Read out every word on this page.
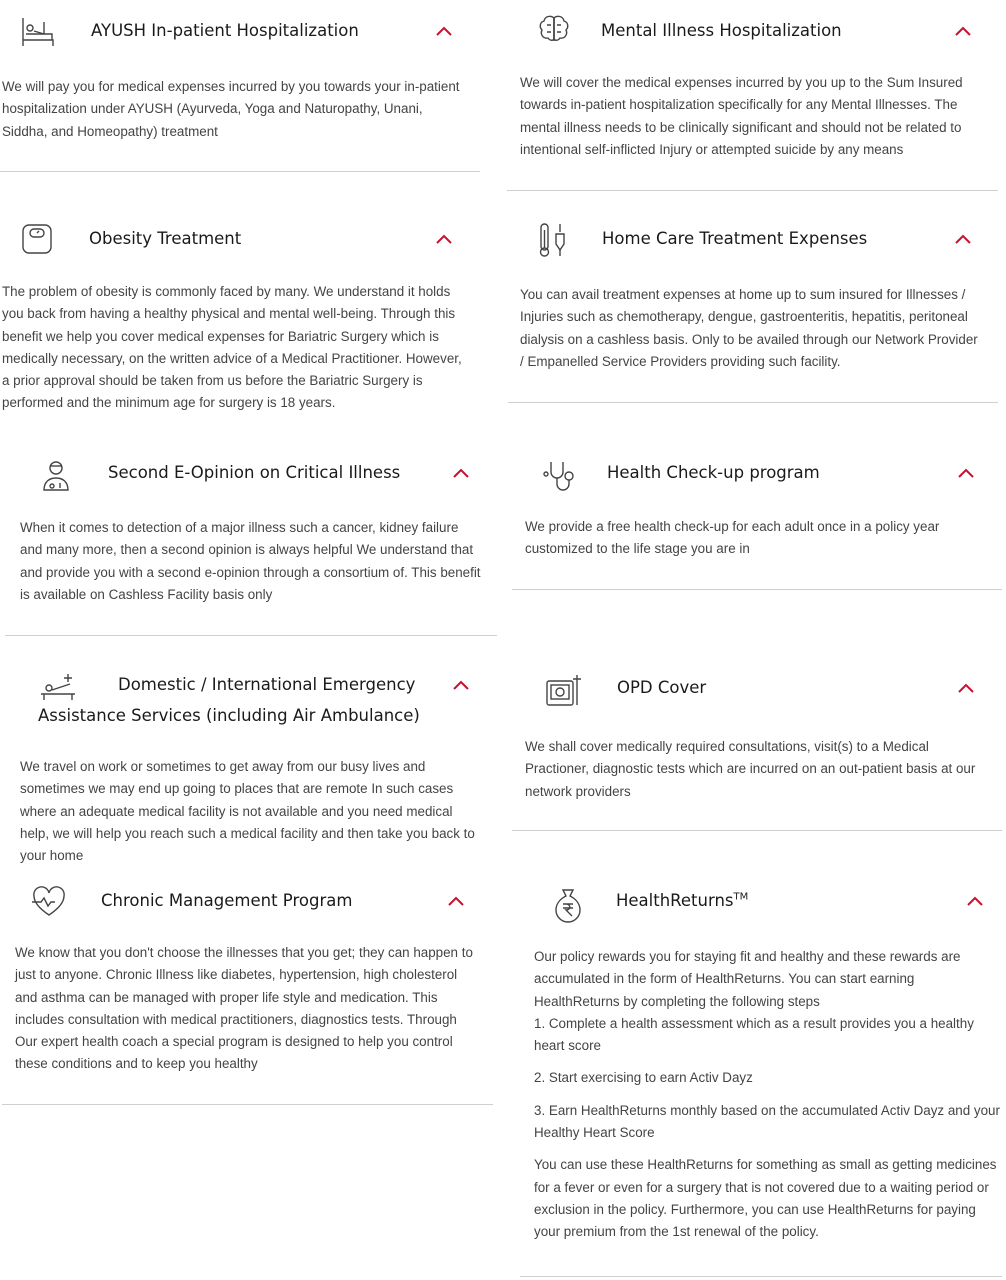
AYUSH In-patient Hospitalization
We will pay you for medical expenses incurred by you towards your in-patient hospitalization under AYUSH (Ayurveda, Yoga and Naturopathy, Unani, Siddha, and Homeopathy) treatment
Obesity Treatment
The problem of obesity is commonly faced by many. We understand it holds you back from having a healthy physical and mental well-being. Through this benefit we help you cover medical expenses for Bariatric Surgery which is medically necessary, on the written advice of a Medical Practitioner. However, a prior approval should be taken from us before the Bariatric Surgery is performed and the minimum age for surgery is 18 years.
Second E-Opinion on Critical Illness
When it comes to detection of a major illness such a cancer, kidney failure and many more, then a second opinion is always helpful We understand that and provide you with a second e-opinion through a consortium of. This benefit is available on Cashless Facility basis only
Domestic / International Emergency
Assistance Services (including Air Ambulance)
We travel on work or sometimes to get away from our busy lives and sometimes we may end up going to places that are remote In such cases where an adequate medical facility is not available and you need medical help, we will help you reach such a medical facility and then take you back to your home
Chronic Management Program
We know that you don't choose the illnesses that you get; they can happen to just to anyone. Chronic Illness like diabetes, hypertension, high cholesterol and asthma can be managed with proper life style and medication. This includes consultation with medical practitioners, diagnostics tests. Through Our expert health coach a special program is designed to help you control these conditions and to keep you healthy
Mental Illness Hospitalization
We will cover the medical expenses incurred by you up to the Sum Insured towards in-patient hospitalization specifically for any Mental Illnesses. The mental illness needs to be clinically significant and should not be related to intentional self-inflicted Injury or attempted suicide by any means
Home Care Treatment Expenses
You can avail treatment expenses at home up to sum insured for Illnesses / Injuries such as chemotherapy, dengue, gastroenteritis, hepatitis, peritoneal dialysis on a cashless basis. Only to be availed through our Network Provider / Empanelled Service Providers providing such facility.
Health Check-up program
We provide a free health check-up for each adult once in a policy year customized to the life stage you are in
OPD Cover
We shall cover medically required consultations, visit(s) to a Medical Practioner, diagnostic tests which are incurred on an out-patient basis at our network providers
HealthReturns™

Our policy rewards you for staying fit and healthy and these rewards are accumulated in the form of HealthReturns. You can start earning HealthReturns by completing the following steps

1. Complete a health assessment which as a result provides you a healthy heart score

2. Start exercising to earn Activ Dayz

3. Earn HealthReturns monthly based on the accumulated Activ Dayz and your Healthy Heart Score

You can use these HealthReturns for something as small as getting medicines for a fever or even for a surgery that is not covered due to a waiting period or exclusion in the policy. Furthermore, you can use HealthReturns for paying your premium from the 1st renewal of the policy.
